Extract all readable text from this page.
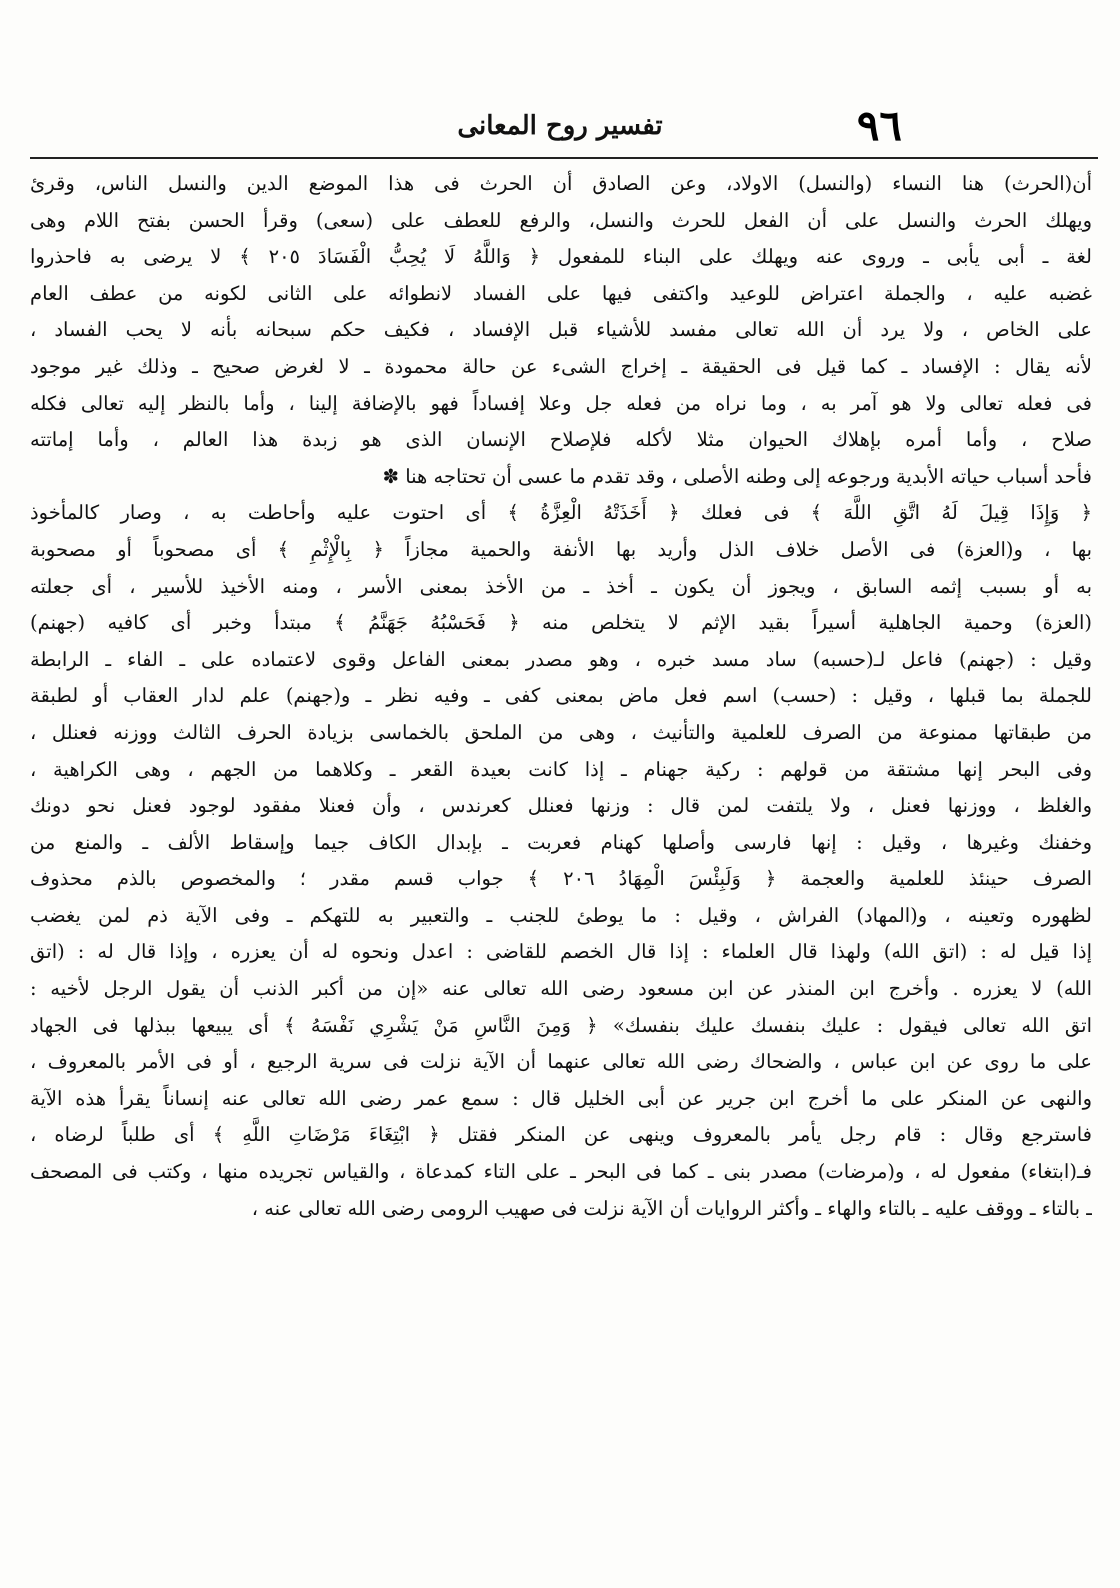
٩٦
تفسير روح المعانى
أن(الحرث) هنا النساء (والنسل) الاولاد، وعن الصادق أن الحرث فى هذا الموضع الدين والنسل الناس، وقرئ
ويهلك الحرث والنسل على أن الفعل للحرث والنسل، والرفع للعطف على (سعى) وقرأ الحسن بفتح اللام وهى
لغة ـ أبى يأبى ـ وروى عنه ويهلك على البناء للمفعول ﴿ وَاللَّهُ لَا يُحِبُّ الْفَسَادَ ٢٠٥ ﴾ لا يرضى به فاحذروا
غضبه عليه ، والجملة اعتراض للوعيد واكتفى فيها على الفساد لانطوائه على الثانى لكونه من عطف العام
على الخاص ، ولا يرد أن الله تعالى مفسد للأشياء قبل الإفساد ، فكيف حكم سبحانه بأنه لا يحب الفساد ،
لأنه يقال : الإفساد ـ كما قيل فى الحقيقة ـ إخراج الشىء عن حالة محمودة ـ لا لغرض صحيح ـ وذلك غير موجود
فى فعله تعالى ولا هو آمر به ، وما نراه من فعله جل وعلا إفساداً فهو بالإضافة إلينا ، وأما بالنظر إليه تعالى فكله
صلاح ، وأما أمره بإهلاك الحيوان مثلا لأكله فلإصلاح الإنسان الذى هو زبدة هذا العالم ، وأما إماتته
فأحد أسباب حياته الأبدية ورجوعه إلى وطنه الأصلى ، وقد تقدم ما عسى أن تحتاجه هنا ✽
﴿ وَإِذَا قِيلَ لَهُ اتَّقِ اللَّهَ ﴾ فى فعلك ﴿ أَخَذَتْهُ الْعِزَّةُ ﴾ أى احتوت عليه وأحاطت به ، وصار كالمأخوذ
بها ، و(العزة) فى الأصل خلاف الذل وأريد بها الأنفة والحمية مجازاً ﴿ بِالْإِثْمِ ﴾ أى مصحوباً أو مصحوبة
به أو بسبب إثمه السابق ، ويجوز أن يكون ـ أخذ ـ من الأخذ بمعنى الأسر ، ومنه الأخيذ للأسير ، أى جعلته
(العزة) وحمية الجاهلية أسيراً بقيد الإثم لا يتخلص منه ﴿ فَحَسْبُهُ جَهَنَّمُ ﴾ مبتدأ وخبر أى كافيه (جهنم)
وقيل : (جهنم) فاعل لـ(حسبه) ساد مسد خبره ، وهو مصدر بمعنى الفاعل وقوى لاعتماده على ـ الفاء ـ الرابطة
للجملة بما قبلها ، وقيل : (حسب) اسم فعل ماض بمعنى كفى ـ وفيه نظر ـ و(جهنم) علم لدار العقاب أو لطبقة
من طبقاتها ممنوعة من الصرف للعلمية والتأنيث ، وهى من الملحق بالخماسى بزيادة الحرف الثالث ووزنه فعنلل ،
وفى البحر إنها مشتقة من قولهم : ركية جهنام ـ إذا كانت بعيدة القعر ـ وكلاهما من الجهم ، وهى الكراهية ،
والغلظ ، ووزنها فعنل ، ولا يلتفت لمن قال : وزنها فعنلل كعرندس ، وأن فعنلا مفقود لوجود فعنل نحو دونك
وخفنك وغيرها ، وقيل : إنها فارسى وأصلها كهنام فعربت ـ بإبدال الكاف جيما وإسقاط الألف ـ والمنع من
الصرف حينئذ للعلمية والعجمة ﴿ وَلَبِئْسَ الْمِهَادُ ٢٠٦ ﴾ جواب قسم مقدر ؛ والمخصوص بالذم محذوف
لظهوره وتعينه ، و(المهاد) الفراش ، وقيل : ما يوطئ للجنب ـ والتعبير به للتهكم ـ وفى الآية ذم لمن يغضب
إذا قيل له : (اتق الله) ولهذا قال العلماء : إذا قال الخصم للقاضى : اعدل ونحوه له أن يعزره ، وإذا قال له : (اتق
الله) لا يعزره . وأخرج ابن المنذر عن ابن مسعود رضى الله تعالى عنه «إن من أكبر الذنب أن يقول الرجل لأخيه :
اتق الله تعالى فيقول : عليك بنفسك عليك بنفسك» ﴿ وَمِنَ النَّاسِ مَنْ يَشْرِي نَفْسَهُ ﴾ أى يبيعها ببذلها فى الجهاد
على ما روى عن ابن عباس ، والضحاك رضى الله تعالى عنهما أن الآية نزلت فى سرية الرجيع ، أو فى الأمر بالمعروف ،
والنهى عن المنكر على ما أخرج ابن جرير عن أبى الخليل قال : سمع عمر رضى الله تعالى عنه إنساناً يقرأ هذه الآية
فاسترجع وقال : قام رجل يأمر بالمعروف وينهى عن المنكر فقتل ﴿ ابْتِغَاءَ مَرْضَاتِ اللَّهِ ﴾ أى طلباً لرضاه ،
فـ(ابتغاء) مفعول له ، و(مرضات) مصدر بنى ـ كما فى البحر ـ على التاء كمدعاة ، والقياس تجريده منها ، وكتب فى المصحف
ـ بالتاء ـ ووقف عليه ـ بالتاء والهاء ـ وأكثر الروايات أن الآية نزلت فى صهيب الرومى رضى الله تعالى عنه ،
